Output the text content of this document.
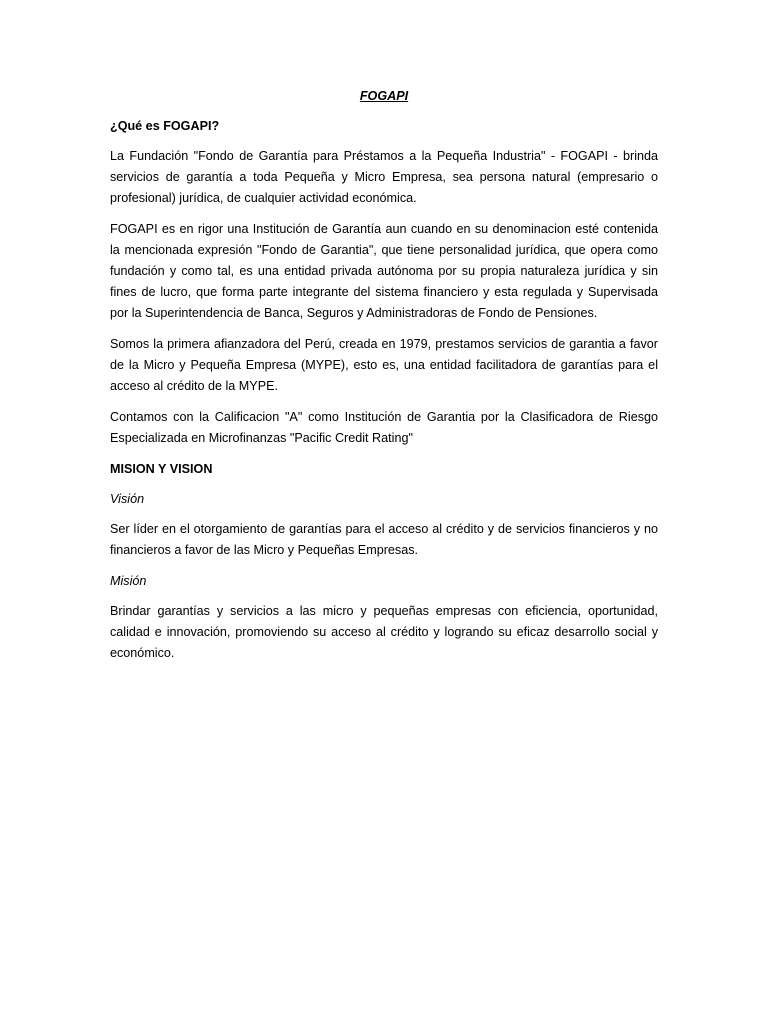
FOGAPI
¿Qué es FOGAPI?

La Fundación "Fondo de Garantía para Préstamos a la Pequeña Industria" - FOGAPI - brinda servicios de garantía a toda Pequeña y Micro Empresa, sea persona natural (empresario o profesional) jurídica, de cualquier actividad económica.

FOGAPI es en rigor una Institución de Garantía aun cuando en su denominacion esté contenida la mencionada expresión "Fondo de Garantia", que tiene personalidad jurídica, que opera como fundación y como tal, es una entidad privada autónoma por su propia naturaleza jurídica y sin fines de lucro, que forma parte integrante del sistema financiero y esta regulada y Supervisada por la Superintendencia de Banca, Seguros y Administradoras de Fondo de Pensiones.

Somos la primera afianzadora del Perú, creada en 1979, prestamos servicios de garantia a favor de la Micro y Pequeña Empresa (MYPE), esto es, una entidad facilitadora de garantías para el acceso al crédito de la MYPE.

Contamos con la Calificacion "A" como Institución de Garantia por la Clasificadora de Riesgo Especializada en Microfinanzas "Pacific Credit Rating"

MISION Y VISION
Visión

Ser líder en el otorgamiento de garantías para el acceso al crédito y de servicios financieros y no financieros a favor de las Micro y Pequeñas Empresas.

Misión

Brindar garantías y servicios a las micro y pequeñas empresas con eficiencia, oportunidad, calidad e innovación, promoviendo su acceso al crédito y logrando su eficaz desarrollo social y económico.
